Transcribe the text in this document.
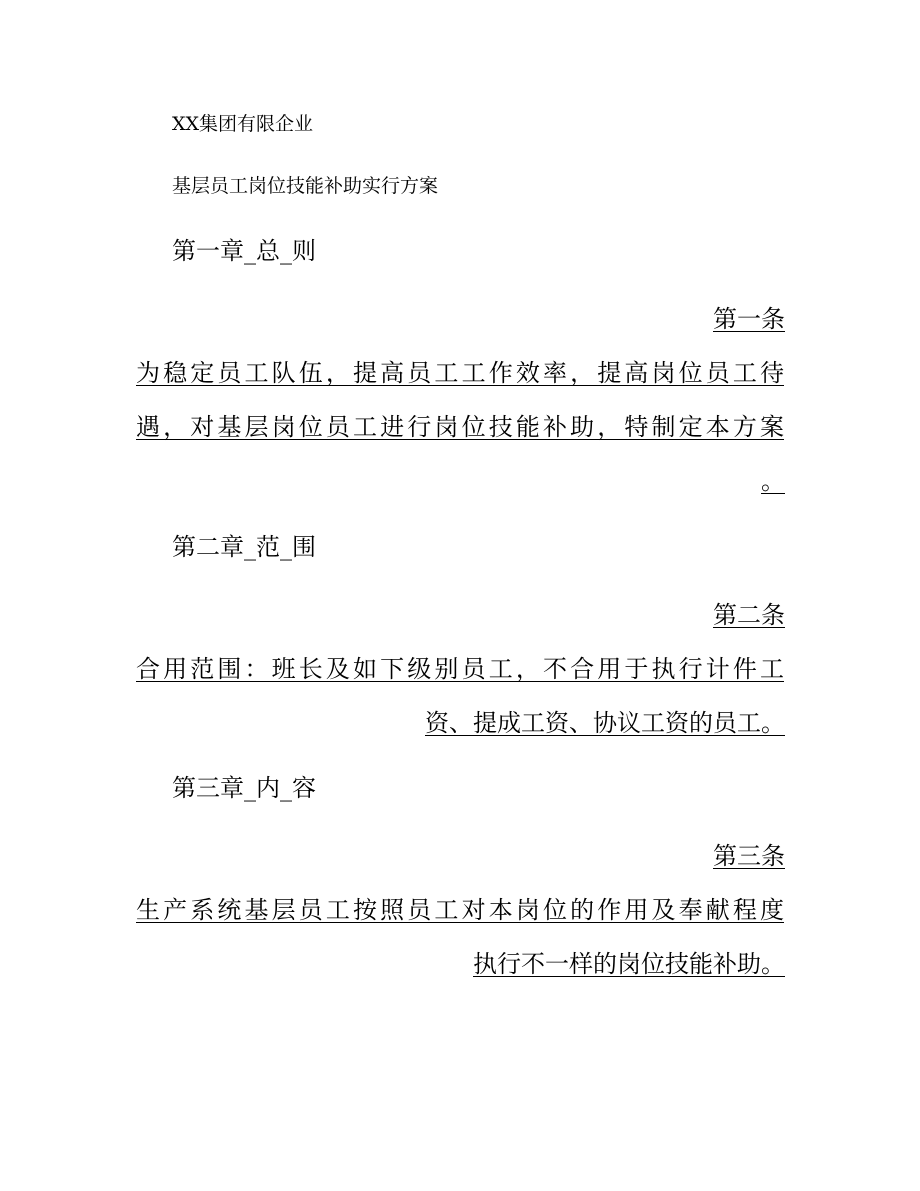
XX集团有限企业
基层员工岗位技能补助实行方案
第一章_总_则
第一条
为稳定员工队伍，提高员工工作效率，提高岗位员工待
遇，对基层岗位员工进行岗位技能补助，特制定本方案
。
第二章_范_围
第二条
合用范围：班长及如下级别员工，不合用于执行计件工
资、提成工资、协议工资的员工。
第三章_内_容
第三条
生产系统基层员工按照员工对本岗位的作用及奉献程度
执行不一样的岗位技能补助。
